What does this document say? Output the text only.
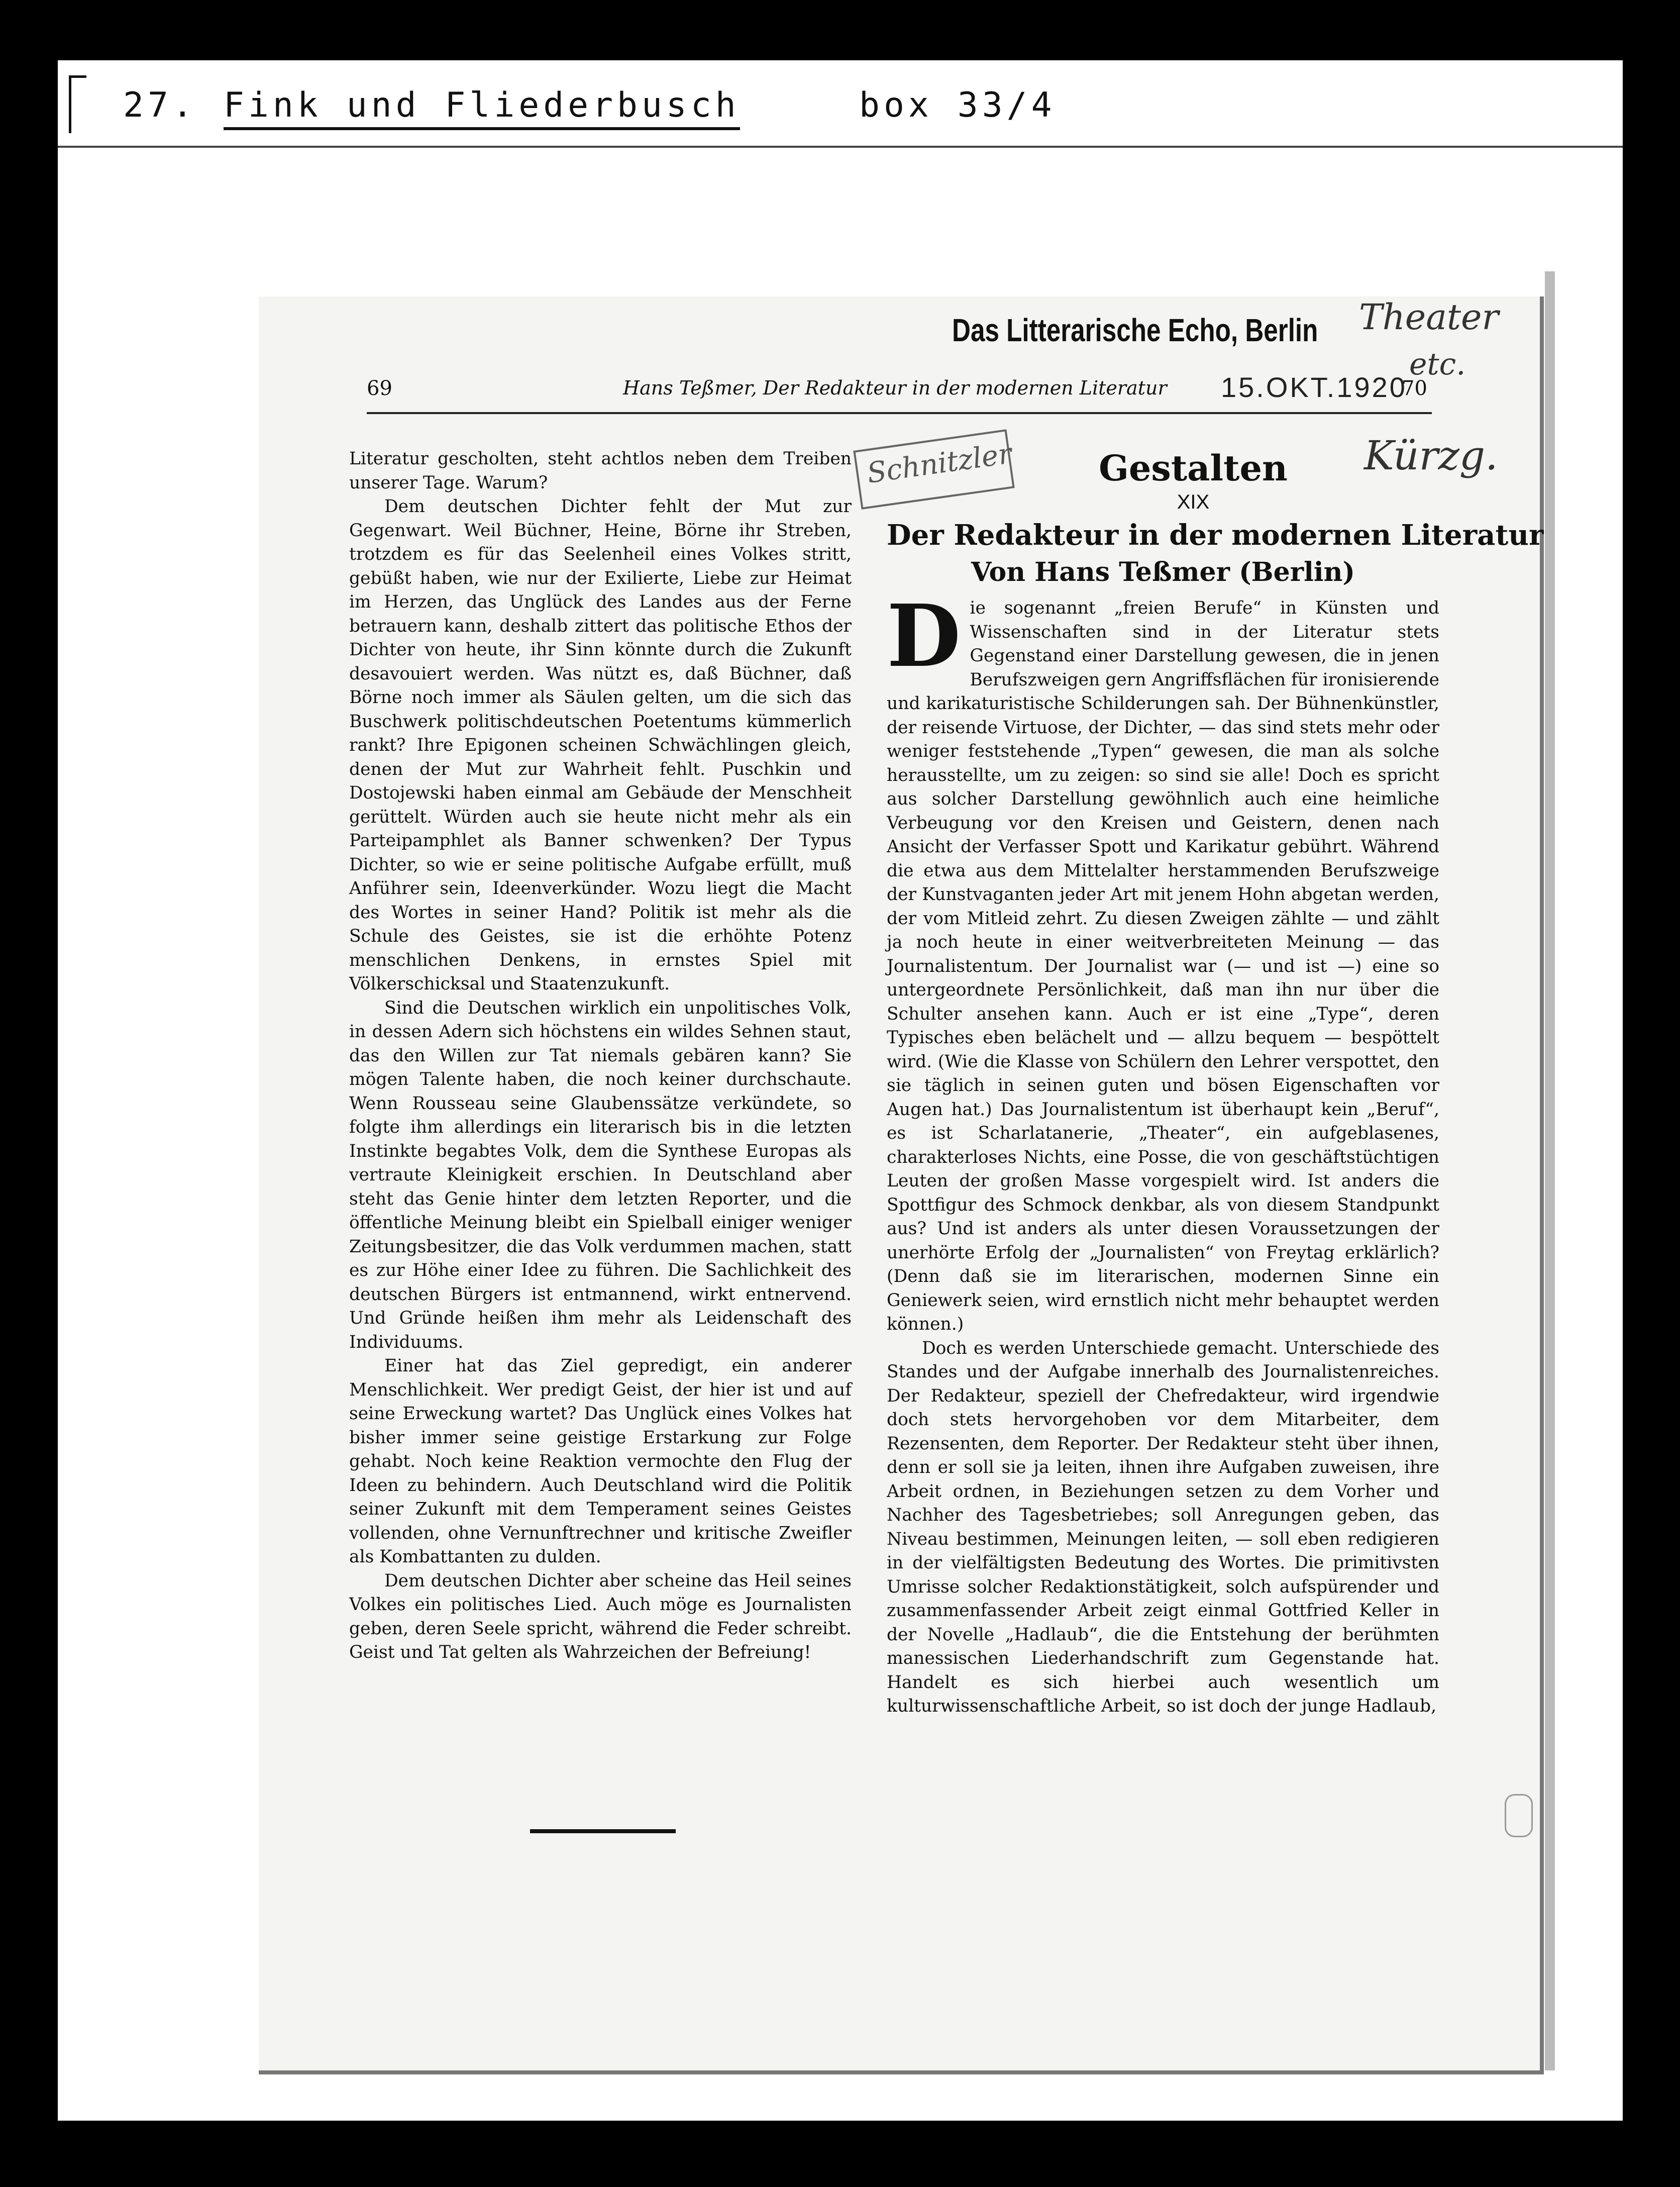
27. Fink und Fliederbusch	box 33/4
Das Litterarische Echo, Berlin
69	Hans Teßmer, Der Redakteur in der modernen Literatur 15.OKT.1920
70

Literatur gescholten, steht achtlos neben dem Treiben unserer Tage. Warum?

Dem deutschen Dichter fehlt der Mut zur Gegenwart. Weil Büchner, Heine, Börne ihr Streben, trotzdem es für das Seelenheil eines Volkes stritt, gebüßt haben, wie nur der Exilierte, Liebe zur Heimat im Herzen, das Unglück des Landes aus der Ferne betrauern kann, deshalb zittert das politische Ethos der Dichter von heute, ihr Sinn könnte durch die Zukunft desavouiert werden. Was nützt es, daß Büchner, daß Börne noch immer als Säulen gelten, um die sich das Buschwerk politischdeutschen Poetentums kümmerlich rankt? Ihre Epigonen scheinen Schwächlingen gleich, denen der Mut zur Wahrheit fehlt. Puschkin und Dostojewski haben einmal am Gebäude der Menschheit gerüttelt. Würden auch sie heute nicht mehr als ein Parteipamphlet als Banner schwenken? Der Typus Dichter, so wie er seine politische Aufgabe erfüllt, muß Anführer sein, Ideenverkünder. Wozu liegt die Macht des Wortes in seiner Hand? Politik ist mehr als die Schule des Geistes, sie ist die erhöhte Potenz menschlichen Denkens, in ernstes Spiel mit Völkerschicksal und Staatenzukunft.

Sind die Deutschen wirklich ein unpolitisches Volk, in dessen Adern sich höchstens ein wildes Sehnen staut, das den Willen zur Tat niemals gebären kann? Sie mögen Talente haben, die noch keiner durchschaute. Wenn Rousseau seine Glaubenssätze verkündete, so folgte ihm allerdings ein literarisch bis in die letzten Instinkte begabtes Volk, dem die Synthese Europas als vertraute Kleinigkeit erschien. In Deutschland aber steht das Genie hinter dem letzten Reporter, und die öffentliche Meinung bleibt ein Spielball einiger weniger Zeitungsbesitzer, die das Volk verdummen machen, statt es zur Höhe einer Idee zu führen. Die Sachlichkeit des deutschen Bürgers ist entmannend, wirkt entnervend. Und Gründe heißen ihm mehr als Leidenschaft des Individuums.

Einer hat das Ziel gepredigt, ein anderer Menschlichkeit. Wer predigt Geist, der hier ist und auf seine Erweckung wartet? Das Unglück eines Volkes hat bisher immer seine geistige Erstarkung zur Folge gehabt. Noch keine Reaktion vermochte den Flug der Ideen zu behindern. Auch Deutschland wird die Politik seiner Zukunft mit dem Temperament seines Geistes vollenden, ohne Vernunftrechner und kritische Zweifler als Kombattanten zu dulden.

Dem deutschen Dichter aber scheine das Heil seines Volkes ein politisches Lied. Auch möge es Journalisten geben, deren Seele spricht, während die Feder schreibt. Geist und Tat gelten als Wahrzeichen der Befreiung!

Gestalten
XIX
Der Redakteur in der modernen Literatur
Von Hans Teßmer (Berlin)
D ie sogenannt „freien Berufe“ in Künsten und Wissenschaften sind in der Literatur stets Gegenstand einer Darstellung gewesen, die in jenen Berufszweigen gern Angriffsflächen für ironisierende und karikaturistische Schilderungen sah. Der Bühnenkünstler, der reisende Virtuose, der Dichter, — das sind stets mehr oder weniger feststehende „Typen“ gewesen, die man als solche herausstellte, um zu zeigen: so sind sie alle! Doch es spricht aus solcher Darstellung gewöhnlich auch eine heimliche Verbeugung vor den Kreisen und Geistern, denen nach Ansicht der Verfasser Spott und Karikatur gebührt. Während die etwa aus dem Mittelalter herstammenden Berufszweige der Kunstvaganten jeder Art mit jenem Hohn abgetan werden, der vom Mitleid zehrt. Zu diesen Zweigen zählte — und zählt ja noch heute in einer weitverbreiteten Meinung — das Journalistentum. Der Journalist war (— und ist —) eine so untergeordnete Persönlichkeit, daß man ihn nur über die Schulter ansehen kann. Auch er ist eine „Type“, deren Typisches eben belächelt und — allzu bequem — bespöttelt wird. (Wie die Klasse von Schülern den Lehrer verspottet, den sie täglich in seinen guten und bösen Eigenschaften vor Augen hat.) Das Journalistentum ist überhaupt kein „Beruf“, es ist Scharlatanerie, „Theater“, ein aufgeblasenes, charakterloses Nichts, eine Posse, die von geschäftstüchtigen Leuten der großen Masse vorgespielt wird. Ist anders die Spottfigur des Schmock denkbar, als von diesem Standpunkt aus? Und ist anders als unter diesen Voraussetzungen der unerhörte Erfolg der „Journalisten“ von Freytag erklärlich? (Denn daß sie im literarischen, modernen Sinne ein Geniewerk seien, wird ernstlich nicht mehr behauptet werden können.)

Doch es werden Unterschiede gemacht. Unterschiede des Standes und der Aufgabe innerhalb des Journalistenreiches. Der Redakteur, speziell der Chefredakteur, wird irgendwie doch stets hervorgehoben vor dem Mitarbeiter, dem Rezensenten, dem Reporter. Der Redakteur steht über ihnen, denn er soll sie ja leiten, ihnen ihre Aufgaben zuweisen, ihre Arbeit ordnen, in Beziehungen setzen zu dem Vorher und Nachher des Tagesbetriebes; soll Anregungen geben, das Niveau bestimmen, Meinungen leiten, — soll eben redigieren in der vielfältigsten Bedeutung des Wortes. Die primitivsten Umrisse solcher Redaktionstätigkeit, solch aufspürender und zusammenfassender Arbeit zeigt einmal Gottfried Keller in der Novelle „Hadlaub“, die die Entstehung der berühmten manessischen Liederhandschrift zum Gegenstande hat. Handelt es sich hierbei auch wesentlich um kulturwissenschaftliche Arbeit, so ist doch der junge Hadlaub,

Schnitzler
Theater
etc.
Kürzg.
